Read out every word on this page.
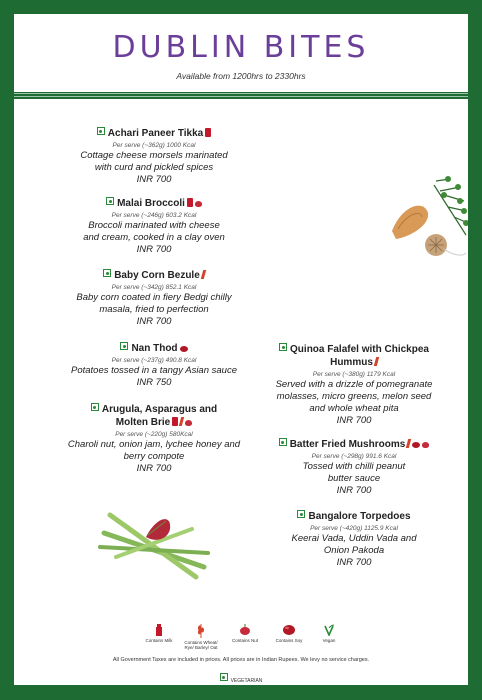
DUBLIN BITES
Available from 1200hrs to 2330hrs
Achari Paneer Tikka
Per serve (~362g) 1000 Kcal
Cottage cheese morsels marinated
with curd and pickled spices
INR 700
Malai Broccoli
Per serve (~246g) 603.2 Kcal
Broccoli marinated with cheese
and cream, cooked in a clay oven
INR 700
Baby Corn Bezule
Per serve (~342g) 852.1 Kcal
Baby corn coated in fiery Bedgi chilly
masala, fried to perfection
INR 700
Nan Thod
Per serve (~237g) 490.8 Kcal
Potatoes tossed in a tangy Asian sauce
INR 750
Arugula, Asparagus and
Molten Brie
Per serve (~220g) 580Kcal
Charoli nut, onion jam, lychee honey and
berry compote
INR 700
Quinoa Falafel with Chickpea
Hummus
Per serve (~380g) 1179 Kcal
Served with a drizzle of pomegranate
molasses, micro greens, melon seed
and whole wheat pita
INR 700
Batter Fried Mushrooms
Per serve (~298g) 991.6 Kcal
Tossed with chilli peanut
butter sauce
INR 700
Bangalore Torpedoes
Per serve (~420g) 1125.9 Kcal
Keerai Vada, Uddin Vada and
Onion Pakoda
INR 700
Contains Milk	Contains Wheat/ Rye/ Barley/ Oat
Contains Nut	Contains Soy	Vegan
All Government Taxes are included in prices. All prices are in Indian Rupees. We levy no service charges.
VEGETARIAN
